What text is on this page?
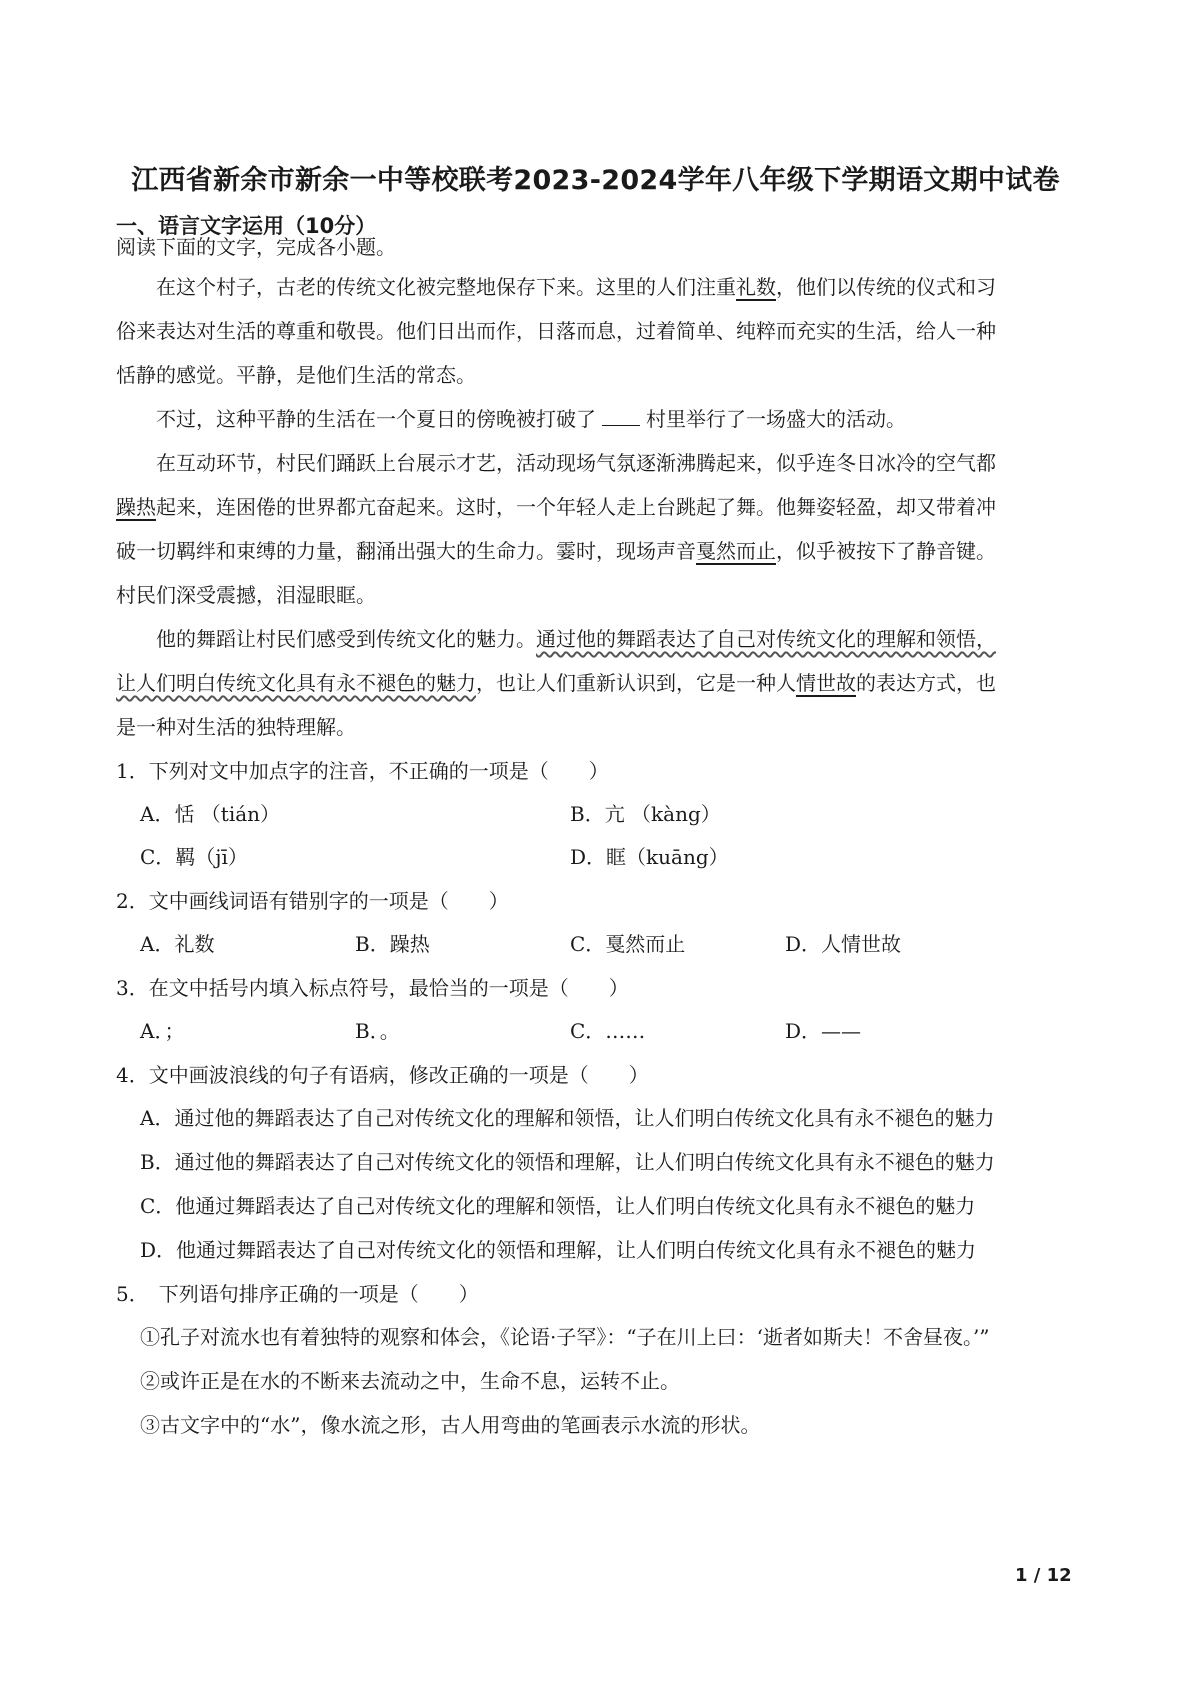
江西省新余市新余一中等校联考2023-2024学年八年级下学期语文期中试卷
一、语言文字运用（10分）
阅读下面的文字，完成各小题。
在这个村子，古老的传统文化被完整地保存下来。这里的人们注重礼数，他们以传统的仪式和习
俗来表达对生活的尊重和敬畏。他们日出而作，日落而息，过着简单、纯粹而充实的生活，给人一种
恬静的感觉。平静，是他们生活的常态。
不过，这种平静的生活在一个夏日的傍晚被打破了	村里举行了一场盛大的活动。
在互动环节，村民们踊跃上台展示才艺，活动现场气氛逐渐沸腾起来，似乎连冬日冰冷的空气都
躁热起来，连困倦的世界都亢奋起来。这时，一个年轻人走上台跳起了舞。他舞姿轻盈，却又带着冲
破一切羁绊和束缚的力量，翻涌出强大的生命力。霎时，现场声音戛然而止，似乎被按下了静音键。
村民们深受震撼，泪湿眼眶。
他的舞蹈让村民们感受到传统文化的魅力。通过他的舞蹈表达了自己对传统文化的理解和领悟，
让人们明白传统文化具有永不褪色的魅力，也让人们重新认识到，它是一种人情世故的表达方式，也
是一种对生活的独特理解。
1．下列对文中加点字的注音，不正确的一项是（　　）
A．恬 （tián）	B．亢 （kàng）
C．羁（jī）	D．眶（kuāng）
2．文中画线词语有错别字的一项是（　　）
A．礼数	B．躁热	C．戛然而止	D．人情世故
3．在文中括号内填入标点符号，最恰当的一项是（　　）
A．；	B．。	C．……	D．——
4．文中画波浪线的句子有语病，修改正确的一项是（　　）
A．通过他的舞蹈表达了自己对传统文化的理解和领悟，让人们明白传统文化具有永不褪色的魅力
B．通过他的舞蹈表达了自己对传统文化的领悟和理解，让人们明白传统文化具有永不褪色的魅力
C．他通过舞蹈表达了自己对传统文化的理解和领悟，让人们明白传统文化具有永不褪色的魅力
D．他通过舞蹈表达了自己对传统文化的领悟和理解，让人们明白传统文化具有永不褪色的魅力
5．　下列语句排序正确的一项是（　　）
①孔子对流水也有着独特的观察和体会，《论语·子罕》：“子在川上曰：‘逝者如斯夫！不舍昼夜。’”
②或许正是在水的不断来去流动之中，生命不息，运转不止。
③古文字中的“水”，像水流之形，古人用弯曲的笔画表示水流的形状。
1 / 12
